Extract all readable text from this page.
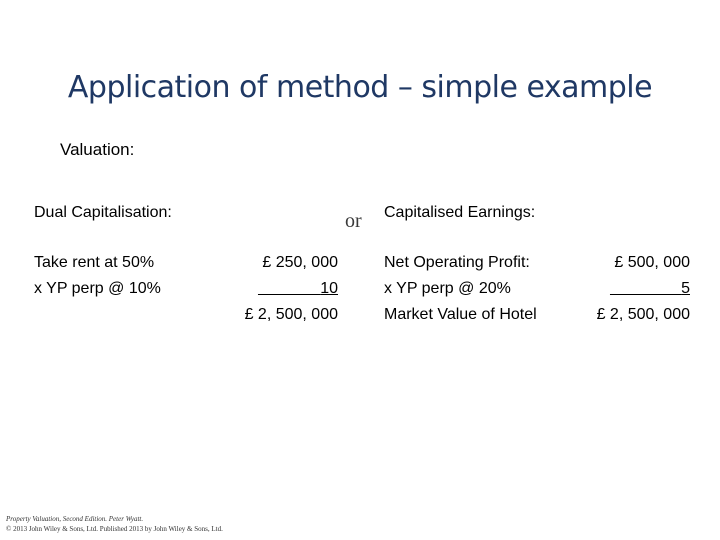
Application of method – simple example
Valuation:
Dual Capitalisation:
Take rent at 50%
x YP perp @ 10%
£ 250, 000
10
£ 2, 500, 000
or Capitalised Earnings:
Net Operating Profit:
x YP perp @ 20%
Market Value of Hotel
£ 500, 000
5
£ 2, 500, 000
Property Valuation, Second Edition. Peter Wyatt.
© 2013 John Wiley & Sons, Ltd. Published 2013 by John Wiley & Sons, Ltd.
